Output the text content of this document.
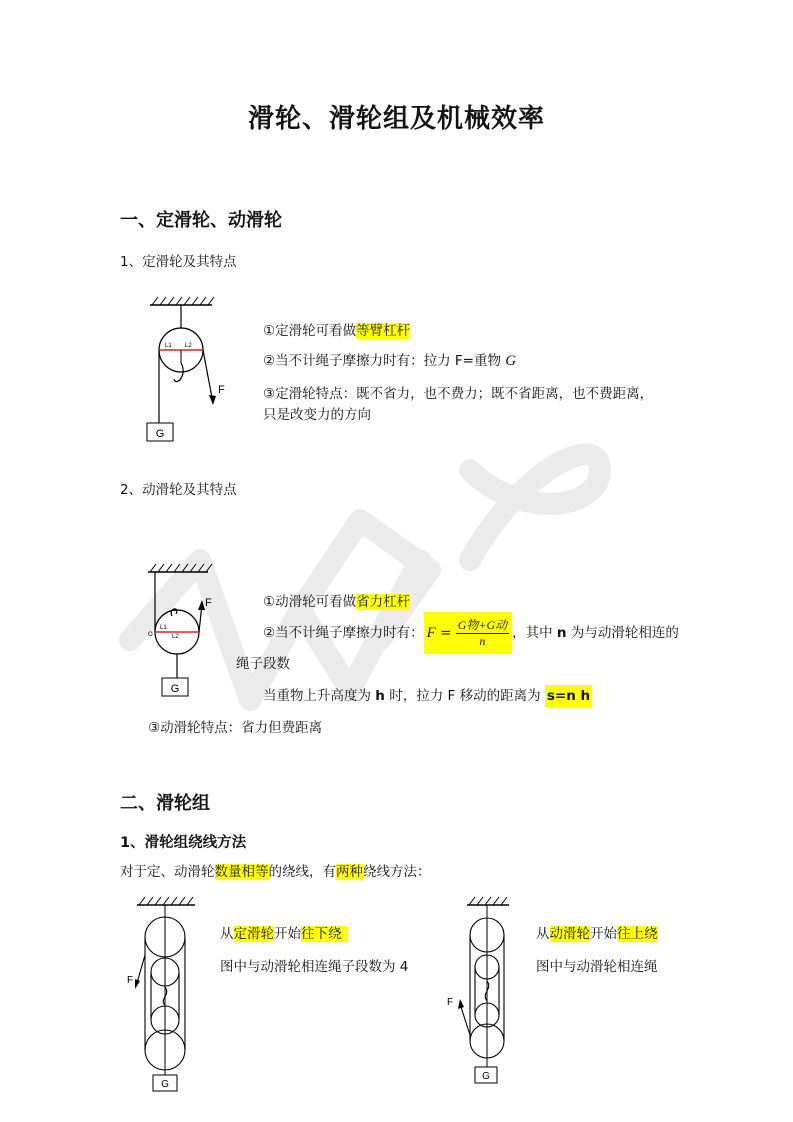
滑轮、滑轮组及机械效率
一、定滑轮、动滑轮
1、定滑轮及其特点
G
F
L1 L2
①定滑轮可看做等臂杠杆
②当不计绳子摩擦力时有：拉力 F=重物 G
③定滑轮特点：既不省力，也不费力；既不省距离，也不费距离，
只是改变力的方向
2、动滑轮及其特点
G
F
O
L1
L2
①动滑轮可看做省力杠杆
②当不计绳子摩擦力时有： $F = \frac{\text{G物+G动}}{n}$ ，其中 n 为与动滑轮相连的
绳子段数
当重物上升高度为 h 时，拉力 F 移动的距离为 s=n h
③动滑轮特点：省力但费距离
二、滑轮组
1、滑轮组绕线方法
对于定、动滑轮数量相等的绕线，有两种绕线方法：
G
F
从定滑轮开始往下绕
图中与动滑轮相连绳子段数为 4
G
F
从动滑轮开始往上绕
图中与动滑轮相连绳
